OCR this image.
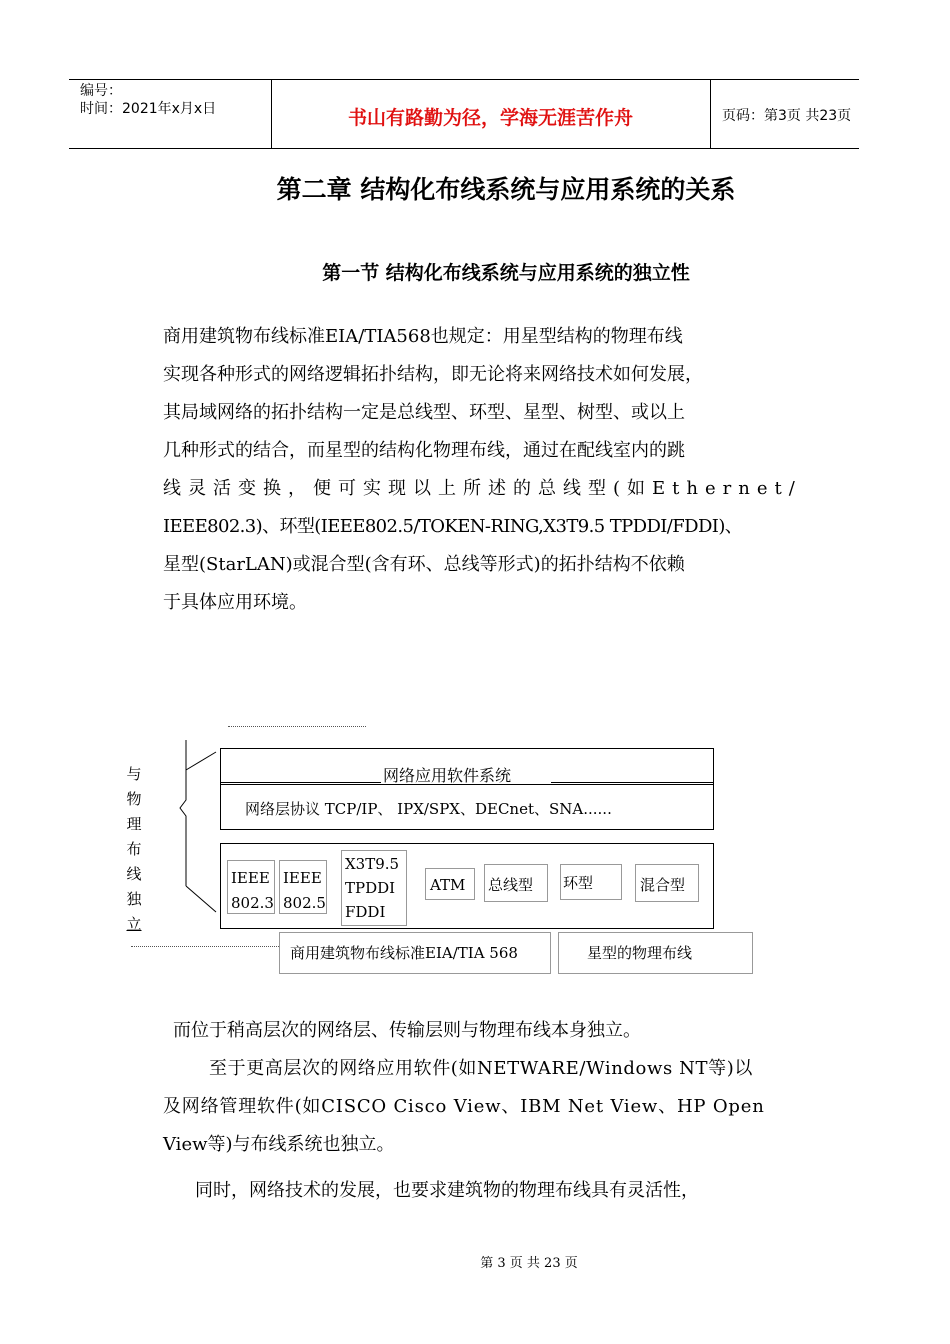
编号：
时间：2021年x月x日	书山有路勤为径，学海无涯苦作舟	页码：第3页 共23页
第二章 结构化布线系统与应用系统的关系
第一节 结构化布线系统与应用系统的独立性
商用建筑物布线标准EIA/TIA568也规定：用星型结构的物理布线
实现各种形式的网络逻辑拓扑结构，即无论将来网络技术如何发展，
其局域网络的拓扑结构一定是总线型、环型、星型、树型、或以上
几种形式的结合，而星型的结构化物理布线，通过在配线室内的跳
线灵活变换，便可实现以上所述的总线型(如Ethernet/
IEEE802.3)、环型(IEEE802.5/TOKEN-RING,X3T9.5 TPDDI/FDDI)、
星型(StarLAN)或混合型(含有环、总线等形式)的拓扑结构不依赖
于具体应用环境。
与
物
理
布
线
独
立
网络应用软件系统
网络层协议 TCP/IP、 IPX/SPX、DECnet、SNA......
IEEE
802.3
IEEE
802.5
X3T9.5
TPDDI
FDDI
ATM 总线型 环型	混合型
商用建筑物布线标准EIA/TIA 568	星型的物理布线
而位于稍高层次的网络层、传输层则与物理布线本身独立。
至于更高层次的网络应用软件(如NETWARE/Windows NT等)以
及网络管理软件(如CISCO Cisco View、IBM Net View、HP Open
View等)与布线系统也独立。
同时，网络技术的发展，也要求建筑物的物理布线具有灵活性，
第 3 页 共 23 页
